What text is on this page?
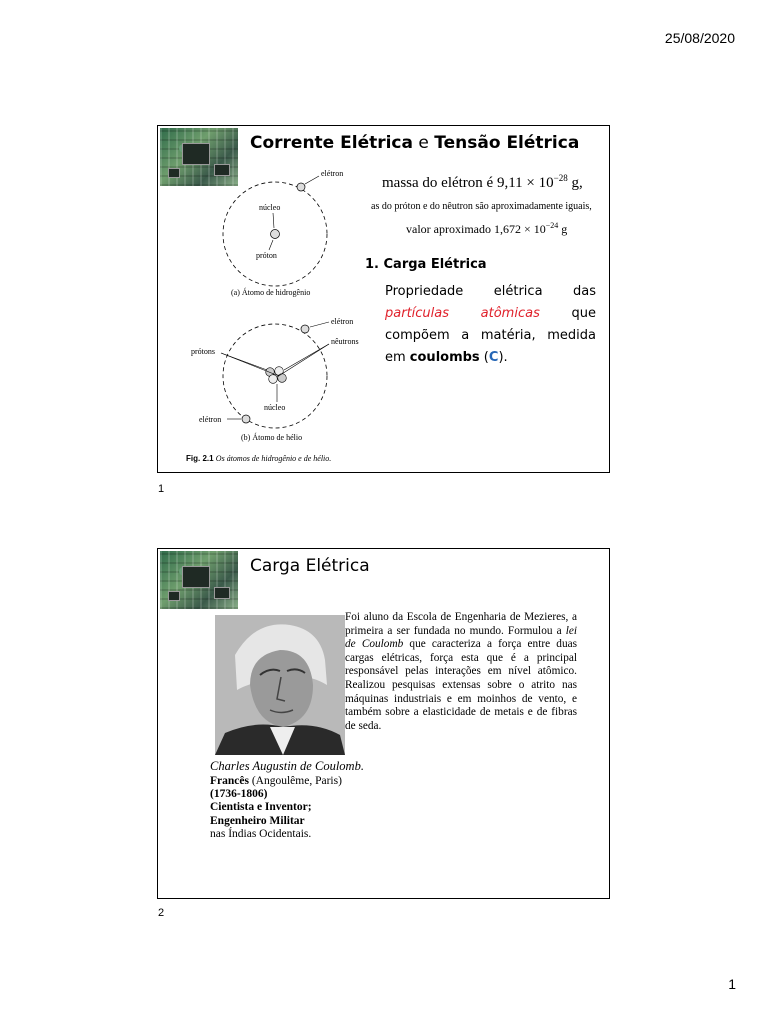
25/08/2020
Corrente Elétrica e Tensão Elétrica
elétron
núcleo
próton
(a) Átomo de hidrogênio
elétron
nêutrons
prótons
núcleo
elétron
(b) Átomo de hélio
Fig. 2.1 Os átomos de hidrogênio e de hélio.
massa do elétron é $9,11 \times 10^{-28}$ g,
as do próton e do nêutron são aproximadamente iguais,
valor aproximado $1,672 \times 10^{-24}$ g
1. Carga Elétrica
Propriedade elétrica das partículas atômicas que compõem a matéria, medida em coulombs (C).
1
Carga Elétrica
Foi aluno da Escola de Engenharia de Mezieres, a primeira a ser fundada no mundo. Formulou a lei de Coulomb que caracteriza a força entre duas cargas elétricas, força esta que é a principal responsável pelas interações em nível atômico. Realizou pesquisas extensas sobre o atrito nas máquinas industriais e em moinhos de vento, e também sobre a elasticidade de metais e de fibras de seda.
Charles Augustin de Coulomb.
Francês (Angoulême, Paris)
(1736-1806)
Cientista e Inventor;
Engenheiro Militar
nas Índias Ocidentais.
2
1
